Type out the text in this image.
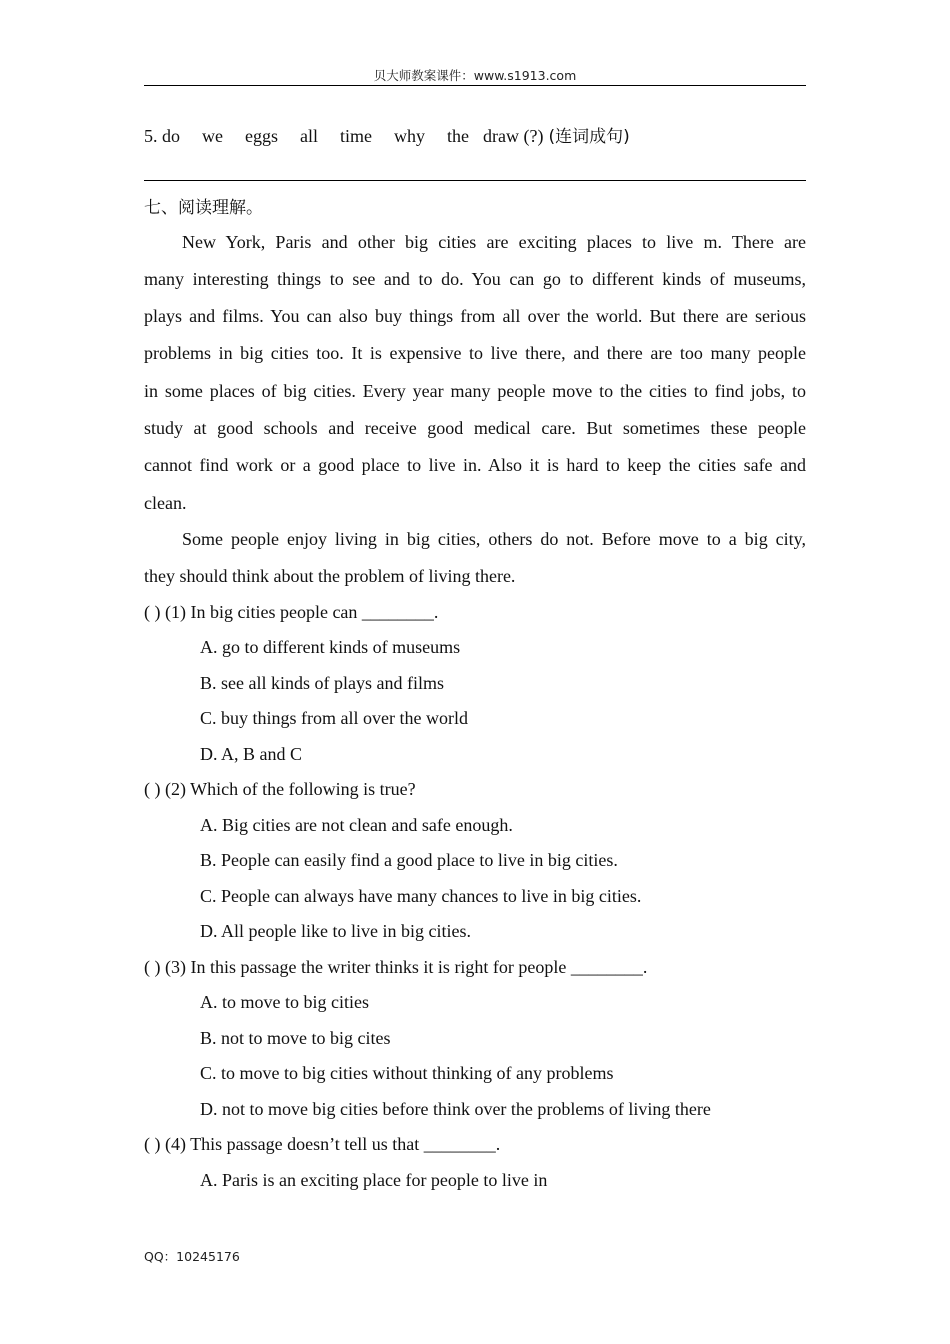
贝大师教案课件：www.s1913.com
5. do we eggs all time why the draw (?) (连词成句)
七、阅读理解。
New York, Paris and other big cities are exciting places to live m. There are
many interesting things to see and to do. You can go to different kinds of museums,
plays and films. You can also buy things from all over the world. But there are serious
problems in big cities too. It is expensive to live there, and there are too many people
in some places of big cities. Every year many people move to the cities to find jobs, to
study at good schools and receive good medical care. But sometimes these people
cannot find work or a good place to live in. Also it is hard to keep the cities safe and
clean.
Some people enjoy living in big cities, others do not. Before move to a big city,
they should think about the problem of living there.
( ) (1) In big cities people can ________.
A. go to different kinds of museums
B. see all kinds of plays and films
C. buy things from all over the world
D. A, B and C
( ) (2) Which of the following is true?
A. Big cities are not clean and safe enough.
B. People can easily find a good place to live in big cities.
C. People can always have many chances to live in big cities.
D. All people like to live in big cities.
( ) (3) In this passage the writer thinks it is right for people ________.
A. to move to big cities
B. not to move to big cites
C. to move to big cities without thinking of any problems
D. not to move big cities before think over the problems of living there
( ) (4) This passage doesn’t tell us that ________.
A. Paris is an exciting place for people to live in
QQ：10245176
